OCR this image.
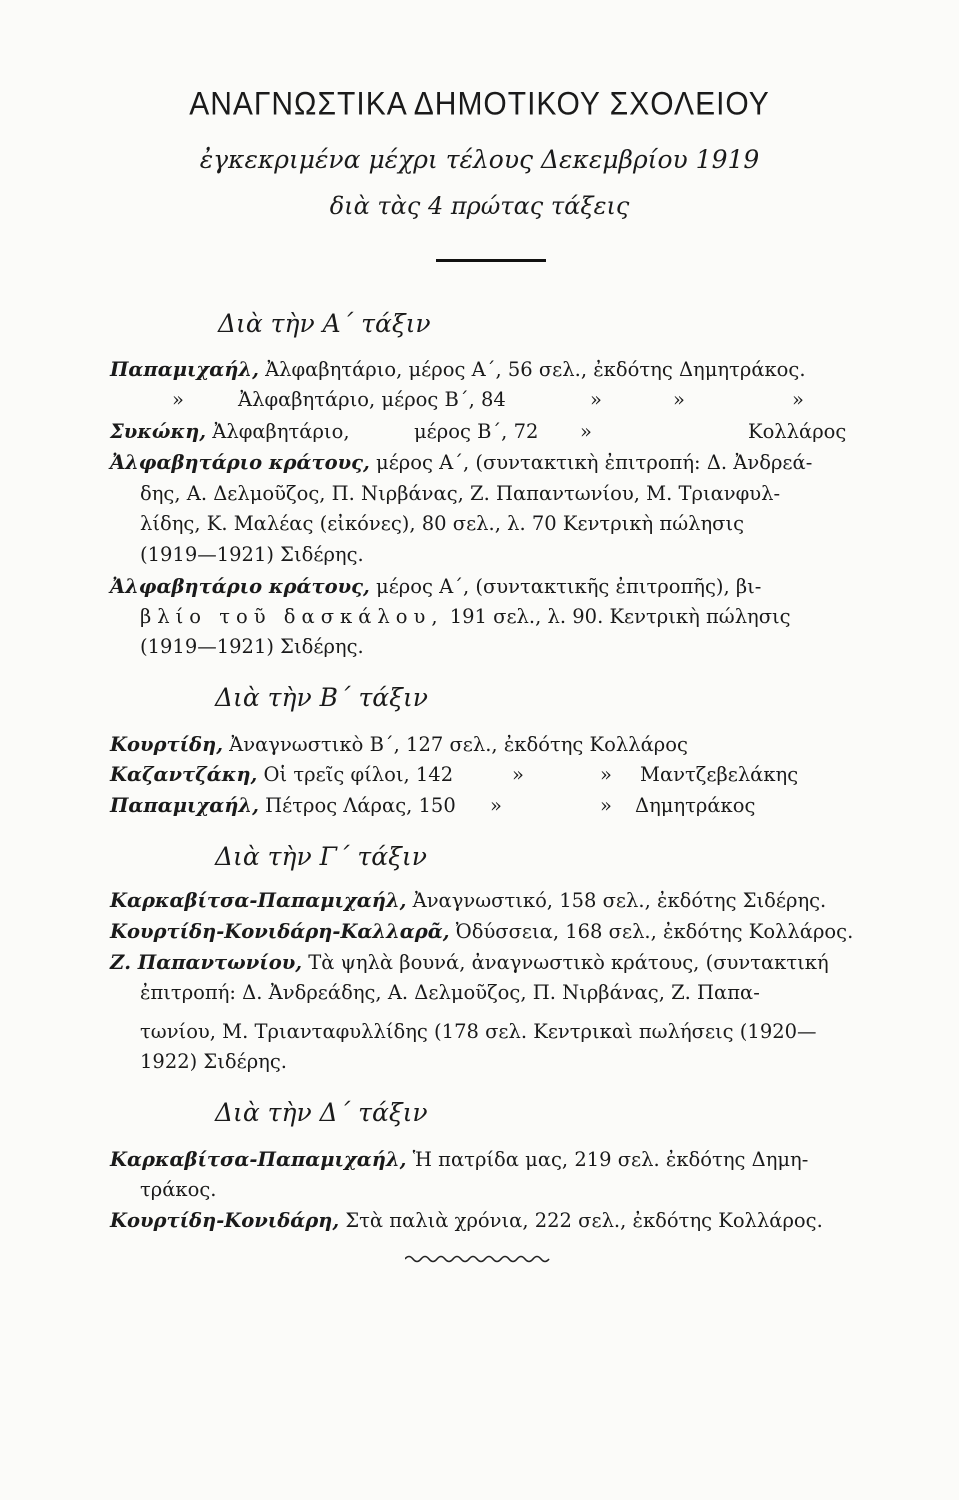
ΑΝΑΓΝΩΣΤΙΚΑ ΔΗΜΟΤΙΚΟΥ ΣΧΟΛΕΙΟΥ
ἐγκεκριμένα μέχρι τέλους Δεκεμβρίου 1919
διὰ τὰς 4 πρώτας τάξεις
Διὰ τὴν Α΄ τάξιν
Παπαμιχαήλ, Ἀλφαβητάριο, μέρος Α΄, 56 σελ., ἐκδότης Δημητράκος.
»	Ἀλφαβητάριο, μέρος Β΄, 84	»	»	»
Συκώκη, Ἀλφαβητάριο,	μέρος Β΄, 72 »	Κολλάρος
Ἀλφαβητάριο κράτους, μέρος Α΄, (συντακτικὴ ἐπιτροπή: Δ. Ἀνδρεά-
δης, Α. Δελμοῦζος, Π. Νιρβάνας, Ζ. Παπαντωνίου, Μ. Τριανφυλ-
λίδης, Κ. Μαλέας (εἰκόνες), 80 σελ., λ. 70 Κεντρικὴ πώλησις
(1919—1921) Σιδέρης.
Ἀλφαβητάριο κράτους, μέρος Α΄, (συντακτικῆς ἐπιτροπῆς), βι-
βλίο τοῦ δασκάλου, 191 σελ., λ. 90. Κεντρικὴ πώλησις
(1919—1921) Σιδέρης.
Διὰ τὴν Β΄ τάξιν
Κουρτίδη, Ἀναγνωστικὸ Β΄, 127 σελ., ἐκδότης Κολλάρος
Καζαντζάκη, Οἱ τρεῖς φίλοι, 142	»	» Μαντζεβελάκης
Παπαμιχαήλ, Πέτρος Λάρας, 150 »	» Δημητράκος
Διὰ τὴν Γ΄ τάξιν
Καρκαβίτσα-Παπαμιχαήλ, Ἀναγνωστικό, 158 σελ., ἐκδότης Σιδέρης.
Κουρτίδη-Κονιδάρη-Καλλαρᾶ, Ὀδύσσεια, 168 σελ., ἐκδότης Κολλάρος.
Ζ. Παπαντωνίου, Τὰ ψηλὰ βουνά, ἀναγνωστικὸ κράτους, (συντακτική
ἐπιτροπή: Δ. Ἀνδρεάδης, Α. Δελμοῦζος, Π. Νιρβάνας, Ζ. Παπα-
τωνίου, Μ. Τριανταφυλλίδης (178 σελ. Κεντρικαὶ πωλήσεις (1920—
1922) Σιδέρης.
Διὰ τὴν Δ΄ τάξιν
Καρκαβίτσα-Παπαμιχαήλ, Ἡ πατρίδα μας, 219 σελ. ἐκδότης Δημη-
τράκος.
Κουρτίδη-Κονιδάρη, Στὰ παλιὰ χρόνια, 222 σελ., ἐκδότης Κολλάρος.
